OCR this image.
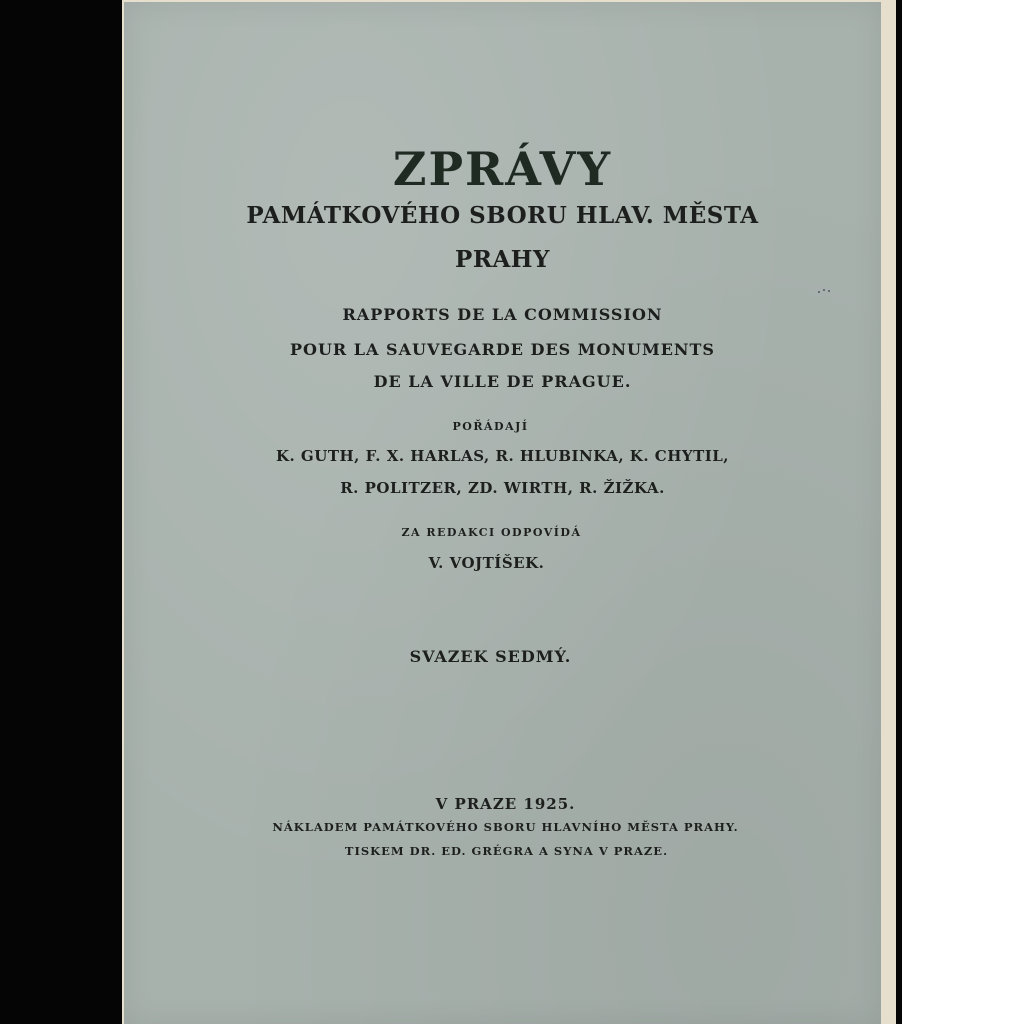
ZPRÁVY
PAMÁTKOVÉHO SBORU HLAV. MĚSTA
PRAHY
RAPPORTS DE LA COMMISSION
POUR LA SAUVEGARDE DES MONUMENTS
DE LA VILLE DE PRAGUE.
POŘÁDAJÍ
K. GUTH, F. X. HARLAS, R. HLUBINKA, K. CHYTIL,
R. POLITZER, ZD. WIRTH, R. ŽIŽKA.
ZA REDAKCI ODPOVÍDÁ
V. VOJTÍŠEK.
SVAZEK SEDMÝ.
V PRAZE 1925.
NÁKLADEM PAMÁTKOVÉHO SBORU HLAVNÍHO MĚSTA PRAHY.
TISKEM DR. ED. GRÉGRA A SYNA V PRAZE.
